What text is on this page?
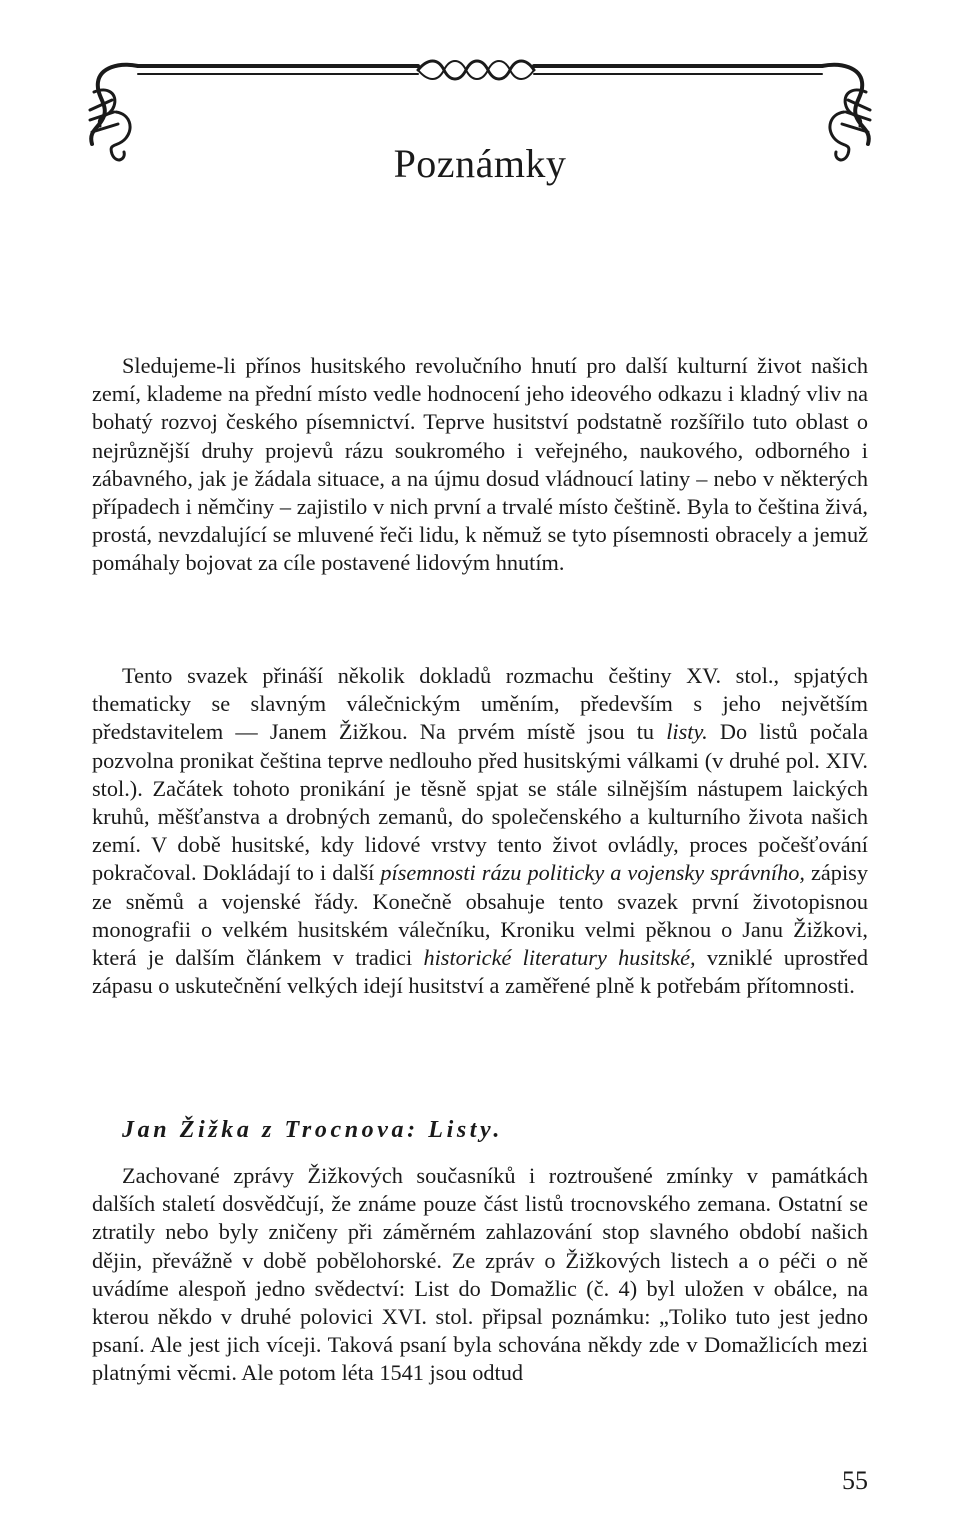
Poznámky

Sledujeme-li přínos husitského revolučního hnutí pro další kulturní život našich zemí, klademe na přední místo vedle hodnocení jeho ideového odkazu i kladný vliv na bohatý rozvoj českého písemnictví. Teprve husitství podstatně rozšířilo tuto oblast o nejrůznější druhy projevů rázu soukromého i veřejného, naukového, odborného i zábavného, jak je žádala situace, a na újmu dosud vládnoucí latiny – nebo v některých případech i němčiny – zajistilo v nich první a trvalé místo češtině. Byla to čeština živá, prostá, nevzdalující se mluvené řeči lidu, k němuž se tyto písemnosti obracely a jemuž pomáhaly bojovat za cíle postavené lidovým hnutím.

Tento svazek přináší několik dokladů rozmachu češtiny XV. stol., spjatých thematicky se slavným válečnickým uměním, především s jeho největším představitelem — Janem Žižkou. Na prvém místě jsou tu listy. Do listů počala pozvolna pronikat čeština teprve nedlouho před husitskými válkami (v druhé pol. XIV. stol.). Začátek tohoto pronikání je těsně spjat se stále silnějším nástupem laických kruhů, měšťanstva a drobných zemanů, do společenského a kulturního života našich zemí. V době husitské, kdy lidové vrstvy tento život ovládly, proces počešťování pokračoval. Dokládají to i další písemnosti rázu politicky a vojensky správního, zápisy ze sněmů a vojenské řády. Konečně obsahuje tento svazek první životopisnou monografii o velkém husitském válečníku, Kroniku velmi pěknou o Janu Žižkovi, která je dalším článkem v tradici historické literatury husitské, vzniklé uprostřed zápasu o uskutečnění velkých idejí husitství a zaměřené plně k potřebám přítomnosti.

Jan Žižka z Trocnova: Listy.

Zachované zprávy Žižkových současníků i roztroušené zmínky v památkách dalších staletí dosvědčují, že známe pouze část listů trocnovského zemana. Ostatní se ztratily nebo byly zničeny při záměrném zahlazování stop slavného období našich dějin, převážně v době pobělohorské. Ze zpráv o Žižkových listech a o péči o ně uvádíme alespoň jedno svědectví: List do Domažlic (č. 4) byl uložen v obálce, na kterou někdo v druhé polovici XVI. stol. připsal poznámku: „Toliko tuto jest jedno psaní. Ale jest jich víceji. Taková psaní byla schována někdy zde v Domažlicích mezi platnými věcmi. Ale potom léta 1541 jsou odtud

55
